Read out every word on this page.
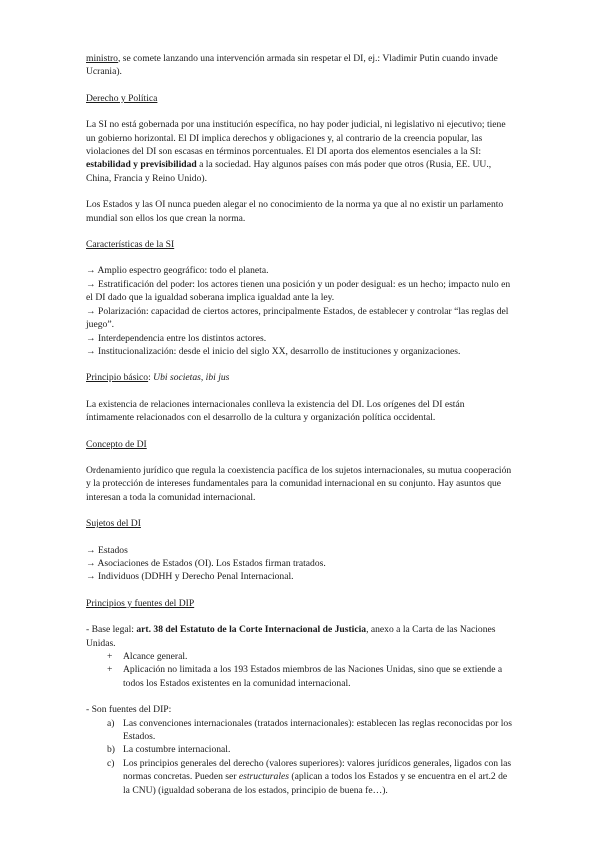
ministro, se comete lanzando una intervención armada sin respetar el DI, ej.: Vladimir Putin cuando invade Ucrania).

Derecho y Política

La SI no está gobernada por una institución específica, no hay poder judicial, ni legislativo ni ejecutivo; tiene un gobierno horizontal. El DI implica derechos y obligaciones y, al contrario de la creencia popular, las violaciones del DI son escasas en términos porcentuales. El DI aporta dos elementos esenciales a la SI: estabilidad y previsibilidad a la sociedad. Hay algunos países con más poder que otros (Rusia, EE. UU., China, Francia y Reino Unido).

Los Estados y las OI nunca pueden alegar el no conocimiento de la norma ya que al no existir un parlamento mundial son ellos los que crean la norma.

Características de la SI

→ Amplio espectro geográfico: todo el planeta.
→ Estratificación del poder: los actores tienen una posición y un poder desigual: es un hecho; impacto nulo en el DI dado que la igualdad soberana implica igualdad ante la ley.
→ Polarización: capacidad de ciertos actores, principalmente Estados, de establecer y controlar “las reglas del juego”.
→ Interdependencia entre los distintos actores.
→ Institucionalización: desde el inicio del siglo XX, desarrollo de instituciones y organizaciones.

Principio básico: Ubi societas, ibi jus

La existencia de relaciones internacionales conlleva la existencia del DI. Los orígenes del DI están íntimamente relacionados con el desarrollo de la cultura y organización política occidental.

Concepto de DI

Ordenamiento jurídico que regula la coexistencia pacífica de los sujetos internacionales, su mutua cooperación y la protección de intereses fundamentales para la comunidad internacional en su conjunto. Hay asuntos que interesan a toda la comunidad internacional.

Sujetos del DI

→ Estados
→ Asociaciones de Estados (OI). Los Estados firman tratados.
→ Individuos (DDHH y Derecho Penal Internacional.

Principios y fuentes del DIP

- Base legal: art. 38 del Estatuto de la Corte Internacional de Justicia, anexo a la Carta de las Naciones Unidas.

+ Alcance general.
+ Aplicación no limitada a los 193 Estados miembros de las Naciones Unidas, sino que se extiende a todos los Estados existentes en la comunidad internacional.

- Son fuentes del DIP:

a) Las convenciones internacionales (tratados internacionales): establecen las reglas reconocidas por los Estados.
b) La costumbre internacional.
c) Los principios generales del derecho (valores superiores): valores jurídicos generales, ligados con las normas concretas. Pueden ser estructurales (aplican a todos los Estados y se encuentra en el art.2 de la CNU) (igualdad soberana de los estados, principio de buena fe…).
